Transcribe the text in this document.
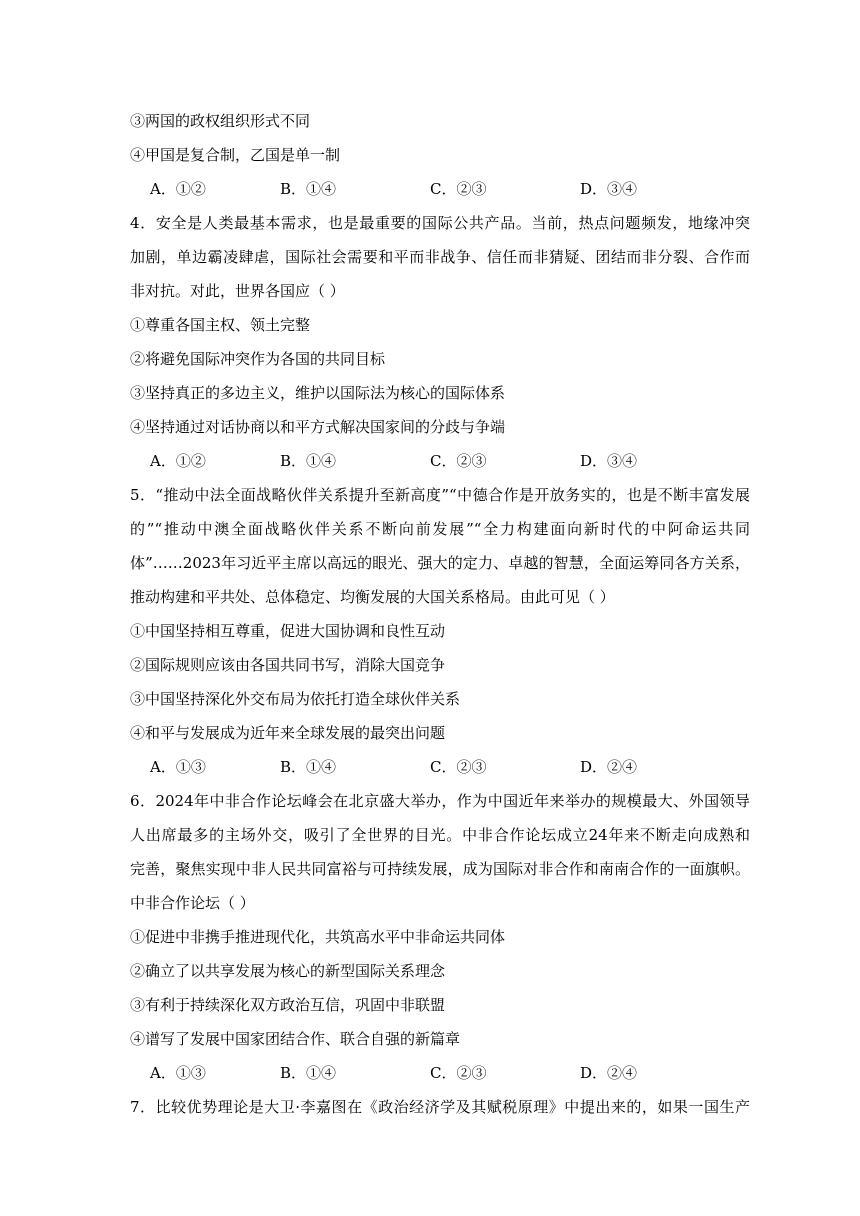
③两国的政权组织形式不同
④甲国是复合制，乙国是单一制
A．①②	B．①④	C．②③	D．③④
4．安全是人类最基本需求，也是最重要的国际公共产品。当前，热点问题频发，地缘冲突
加剧，单边霸凌肆虐，国际社会需要和平而非战争、信任而非猜疑、团结而非分裂、合作而
非对抗。对此，世界各国应（ ）
①尊重各国主权、领土完整
②将避免国际冲突作为各国的共同目标
③坚持真正的多边主义，维护以国际法为核心的国际体系
④坚持通过对话协商以和平方式解决国家间的分歧与争端
A．①②	B．①④	C．②③	D．③④
5．“推动中法全面战略伙伴关系提升至新高度”“中德合作是开放务实的，也是不断丰富发展
的”“推动中澳全面战略伙伴关系不断向前发展”“全力构建面向新时代的中阿命运共同
体”……2023年习近平主席以高远的眼光、强大的定力、卓越的智慧，全面运筹同各方关系，
推动构建和平共处、总体稳定、均衡发展的大国关系格局。由此可见（ ）
①中国坚持相互尊重，促进大国协调和良性互动
②国际规则应该由各国共同书写，消除大国竞争
③中国坚持深化外交布局为依托打造全球伙伴关系
④和平与发展成为近年来全球发展的最突出问题
A．①③	B．①④	C．②③	D．②④
6．2024年中非合作论坛峰会在北京盛大举办，作为中国近年来举办的规模最大、外国领导
人出席最多的主场外交，吸引了全世界的目光。中非合作论坛成立24年来不断走向成熟和
完善，聚焦实现中非人民共同富裕与可持续发展，成为国际对非合作和南南合作的一面旗帜。
中非合作论坛（ ）
①促进中非携手推进现代化，共筑高水平中非命运共同体
②确立了以共享发展为核心的新型国际关系理念
③有利于持续深化双方政治互信，巩固中非联盟
④谱写了发展中国家团结合作、联合自强的新篇章
A．①③	B．①④	C．②③	D．②④
7．比较优势理论是大卫·李嘉图在《政治经济学及其赋税原理》中提出来的，如果一国生产
